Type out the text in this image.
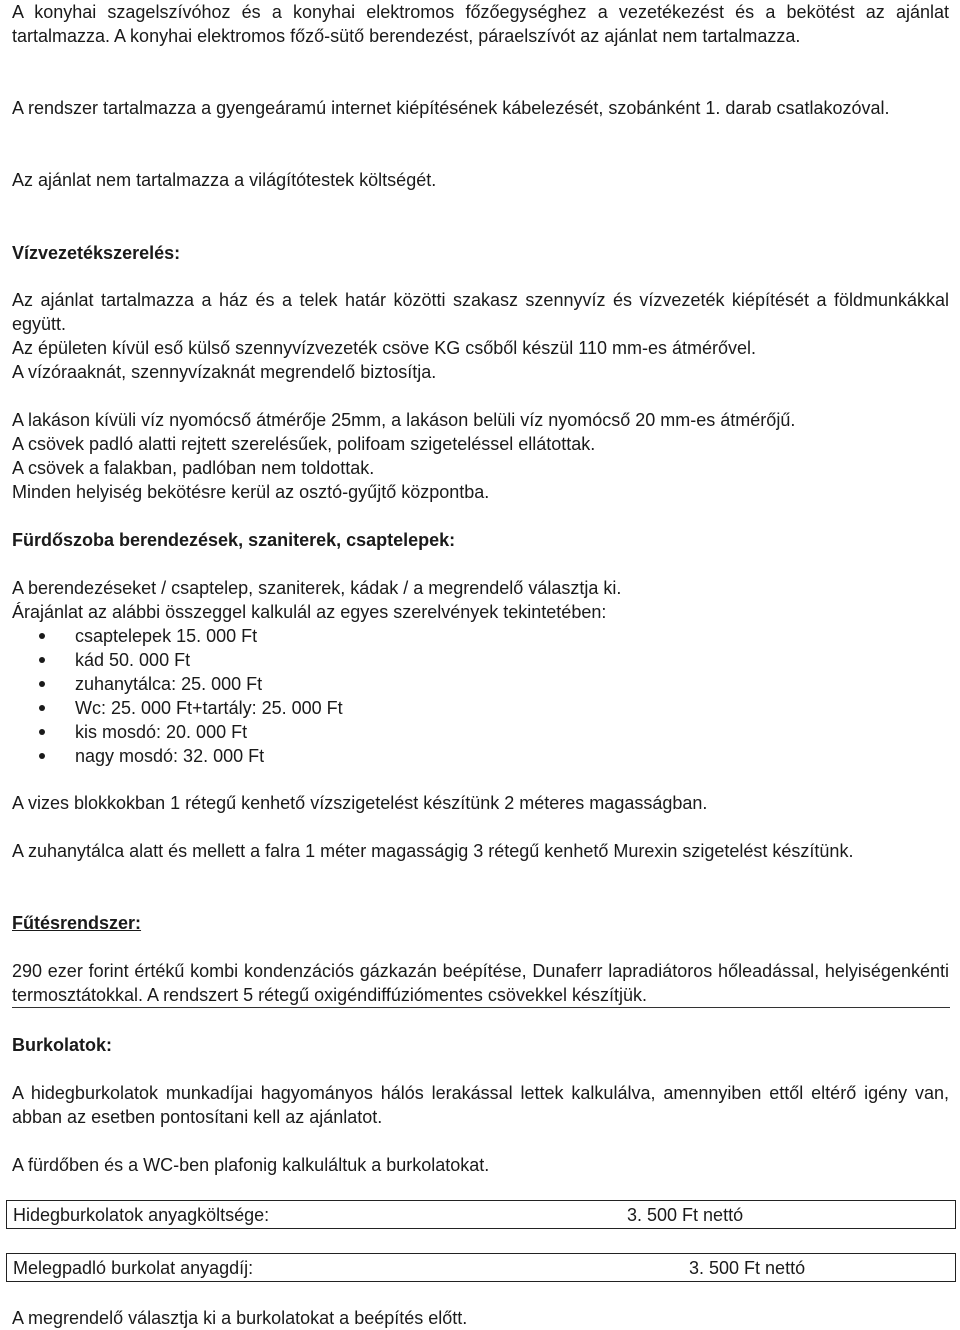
A konyhai szagelszívóhoz és a konyhai elektromos főzőegységhez a vezetékezést és a bekötést az ajánlat tartalmazza. A konyhai elektromos főző-sütő berendezést, páraelszívót az ajánlat nem tartalmazza.

A rendszer tartalmazza a gyengeáramú internet kiépítésének kábelezését, szobánként 1. darab csatlakozóval.

Az ajánlat nem tartalmazza a világítótestek költségét.

Vízvezetékszerelés:

Az ajánlat tartalmazza a ház és a telek határ közötti szakasz szennyvíz és vízvezeték kiépítését a földmunkákkal együtt.

Az épületen kívül eső külső szennyvízvezeték csöve KG csőből készül 110 mm-es átmérővel.

A vízóraaknát, szennyvízaknát megrendelő biztosítja.

A lakáson kívüli víz nyomócső átmérője 25mm, a lakáson belüli víz nyomócső 20 mm-es átmérőjű.

A csövek padló alatti rejtett szerelésűek, polifoam szigeteléssel ellátottak.

A csövek a falakban, padlóban nem toldottak.

Minden helyiség bekötésre kerül az osztó-gyűjtő központba.

Fürdőszoba berendezések, szaniterek, csaptelepek:

A berendezéseket / csaptelep, szaniterek, kádak / a megrendelő választja ki.

Árajánlat az alábbi összeggel kalkulál az egyes szerelvények tekintetében:

csaptelepek 15. 000 Ft
kád 50. 000 Ft
zuhanytálca: 25. 000 Ft
Wc: 25. 000 Ft+tartály: 25. 000 Ft
kis mosdó: 20. 000 Ft
nagy mosdó: 32. 000 Ft

A vizes blokkokban 1 rétegű kenhető vízszigetelést készítünk 2 méteres magasságban.

A zuhanytálca alatt és mellett a falra 1 méter magasságig 3 rétegű kenhető Murexin szigetelést készítünk.

Fűtésrendszer:

290 ezer forint értékű kombi kondenzációs gázkazán beépítése, Dunaferr lapradiátoros hőleadással, helyiségenkénti termosztátokkal. A rendszert 5 rétegű oxigéndiffúziómentes csövekkel készítjük.

Burkolatok:

A hidegburkolatok munkadíjai hagyományos hálós lerakással lettek kalkulálva, amennyiben ettől eltérő igény van, abban az esetben pontosítani kell az ajánlatot.

A fürdőben és a WC-ben plafonig kalkuláltuk a burkolatokat.

A megrendelő választja ki a burkolatokat a beépítés előtt.

Hidegburkolatok anyagköltsége:	3. 500 Ft nettó
Melegpadló burkolat anyagdíj:	3. 500 Ft nettó
